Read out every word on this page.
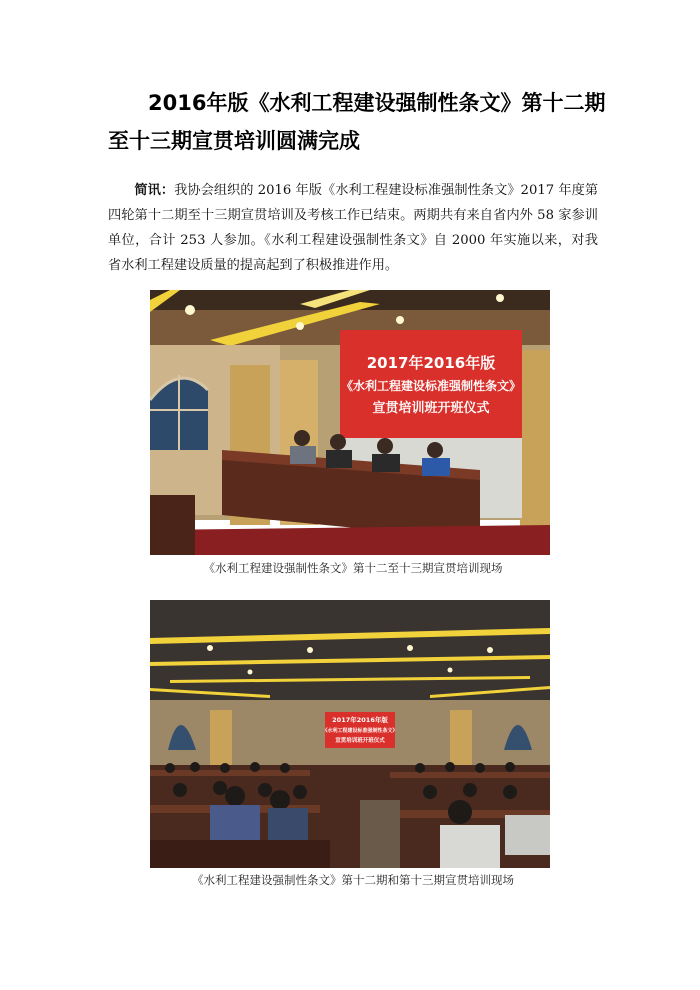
2016年版《水利工程建设强制性条文》第十二期
至十三期宣贯培训圆满完成
简讯：我协会组织的 2016 年版《水利工程建设标准强制性条文》2017 年度第四轮第十二期至十三期宣贯培训及考核工作已结束。两期共有来自省内外 58 家参训单位，合计 253 人参加。《水利工程建设强制性条文》自 2000 年实施以来，对我省水利工程建设质量的提高起到了积极推进作用。
2017年2016年版
《水利工程建设标准强制性条文》
宣贯培训班开班仪式
《水利工程建设强制性条文》第十二至十三期宣贯培训现场
2017年2016年版
《水利工程建设标准强制性条文》
宣贯培训班开班仪式
《水利工程建设强制性条文》第十二期和第十三期宣贯培训现场
